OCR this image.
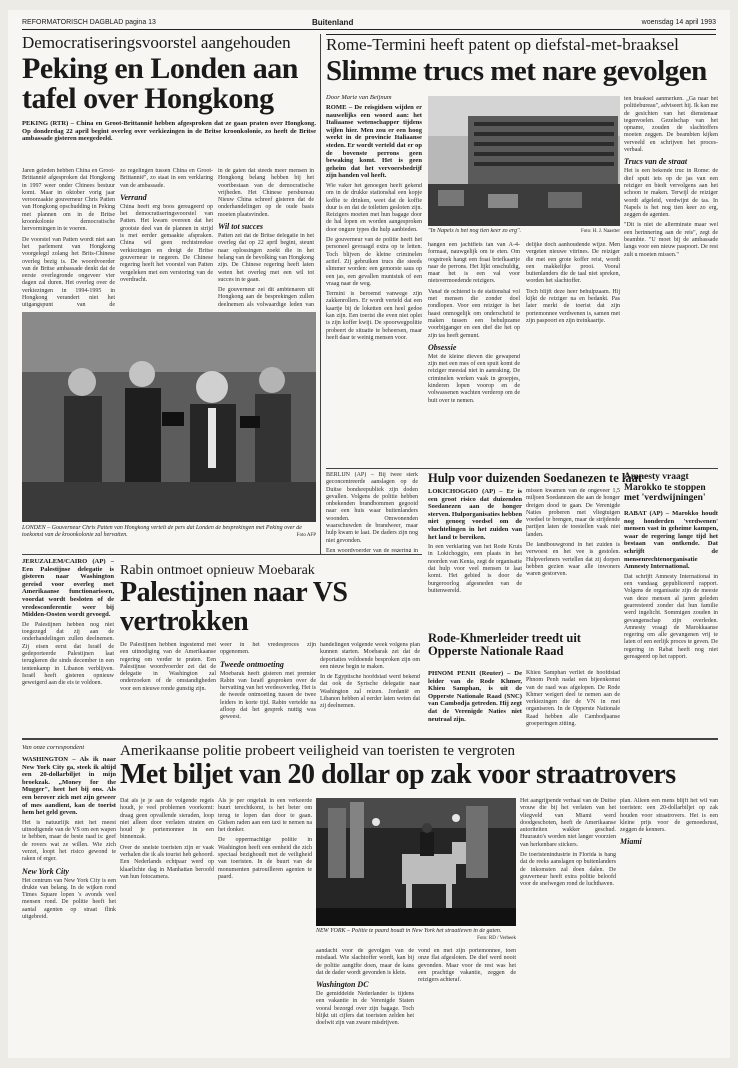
REFORMATORISCH DAGBLAD pagina 13	Buitenland	woensdag 14 april 1993
Democratiseringsvoorstel aangehouden
Peking en Londen aan tafel over Hongkong
PEKING (RTR) – China en Groot-Brittannië hebben afgesproken dat ze gaan praten over Hongkong. Op donderdag 22 april begint overleg over verkiezingen in de Britse kroonkolonie, zo heeft de Britse ambassade gisteren meegedeeld.

Jaren geleden hebben China en Groot-Brittannië afgesproken dat Hongkong in 1997 weer onder Chinees bestuur komt. Maar in oktober vorig jaar veroorzaakte gouverneur Chris Patten van Hongkong opschudding in Peking met plannen om in de Britse kroonkolonie democratische hervormingen in te voeren.

De voorstel van Patten wordt niet aan het parlement van Hongkong voorgelegd zolang het Brits-Chinese overleg bezig is. De woordvoerder van de Britse ambassade denkt dat de eerste overlegronde ongeveer vier dagen zal duren. Het overleg over de verkiezingen in 1994-1995 in Hongkong verandert niet het uitgangspunt van de

zo regelingen tussen China en Groot-Brittannië", zo staat in een verklaring van de ambassade.

Verrand

China heeft erg boos gereageerd op het democratiseringsvoorstel van Patten. Het kwam overeen dat het grootste deel van de plannen in strijd is met eerder gemaakte afspraken. China wil geen rechtstreekse verkiezingen en dreigt de Britse gouverneur te negeren. De Chinese regering heeft het voorstel van Patten vergeleken met een verstoring van de overdracht.

in de gaten dat steeds meer mensen in Hongkong belang hebben bij het voortbestaan van de democratische vrijheden. Het Chinese persbureau Nieuw China schreef gisteren dat de onderhandelingen op de oude basis moeten plaatsvinden.

Wil tot succes

Patten zei dat de Britse delegatie in het overleg dat op 22 april begint, steunt naar oplossingen zoekt die in het belang van de bevolking van Hongkong zijn. De Chinese regering heeft laten weten het overleg met een wil tot succes in te gaan.

De gouverneur zei dit ambtenaren uit Hongkong aan de besprekingen zullen deelnemen als volwaardige leden van

LONDEN – Gouverneur Chris Patten van Hongkong vertelt de pers dat Londen de besprekingen met Peking over de toekomst van de kroonkolonie zal hervatten.	Foto AFP
Rome-Termini heeft patent op diefstal-met-braaksel
Slimme trucs met nare gevolgen
Door Marie van Beijnum

ROME – De reisgidsen wijden er nauwelijks een woord aan: het Italiaanse wetenschapper tijdens wijlen hier. Men zou er een hoog werkt in de provincie Italiaanse steden. Er wordt verteld dat er op de bovenste perrons geen bewaking komt. Het is geen geheim dat het vervoersbedrijf zijn handen vol heeft.

Wie vaker het genoegen heeft gekend om in de drukke stationshal een kopje koffie te drinken, weet dat de koffie duur is en dat de toiletten gesloten zijn. Reizigers moeten met hun bagage door de hal lopen en worden aangesproken door ongure types die hulp aanbieden.

De gouverneur van de politie heeft het personeel gevraagd extra op te letten. Toch blijven de kleine criminelen actief. Zij gebruiken trucs die steeds slimmer worden: een gemorste saus op een jas, een gevallen muntstuk of een vraag naar de weg.

Termini is beroemd vanwege zijn zakkenrollers. Er wordt verteld dat een kaartje bij de loketten een heel gedoe kan zijn. Een toerist die even niet oplet is zijn koffer kwijt. De spoorwegpolitie probeert de situatie te beheersen, maar heeft daar te weinig mensen voor.

"In Napels is het nog tien keer zo erg".	Foto: H. J. Naastter

hangen een jachtfiets tan van A-4-formaat, nauwgelijk om te eten. Om oogstreek hangt een fraai briefkaartje naar de perrons. Het lijkt onschuldig, maar het is een val voor nietsvermoedende reizigers.

Vanaf de ochtend is de stationshal vol met mensen die zonder doel rondlopen. Voor een reiziger is het haast onmogelijk om onderscheid te maken tussen een behulpzame voorbijganger en een dief die het op zijn tas heeft gemunt.

Obsessie

Met de kleine dieven die gewapend zijn met een mes of een spuit komt de reiziger meestal niet in aanraking. De criminelen werken vaak in groepjes, kinderen lopen voorop en de volwassenen wachten verderop om de buit over te nemen.

delijke doch aanhoudende wijze. Men vergeten nieuwe vitrines. De reiziger die met een grote koffer reist, wordt een makkelijke prooi. Vooral buitenlanders die de taal niet spreken, worden het slachtoffer.

Toch blijft deze heer behulpzaam. Hij kijkt de reiziger na en bedankt. Pas later merkt de toerist dat zijn portemonnee verdwenen is, samen met zijn paspoort en zijn treinkaartje.

ten braaksel aanmerken. „Ga naar het politiebureau", adviseert hij. Ik kan me de gesichten van het dienstenaar tegenvoelen. Gezelschap van het opname, zouden de slachtoffers moeten zeggen. De beambten kijken verveeld en schrijven het proces-verbaal.

Trucs van de straat

Het is een bekende truc in Rome: de dief spuit iets op de jas van een reiziger en biedt vervolgens aan het schoon te maken. Terwijl de reiziger wordt afgeleid, verdwijnt de tas. In Napels is het nog tien keer zo erg, zeggen de agenten.

"Dit is niet de allerminste maar wel een herinnering aan de reis", zegt de beambte. "U moet bij de ambassade langs voor een nieuw paspoort. De rest zult u moeten missen."

BERLIJN (AP) – Bij twee sterk geconcentreerde aanslagen op de Duitse bondsrepubliek zijn doden gevallen. Volgens de politie hebben onbekenden brandbommen gegooid naar een huis waar buitenlanders woonden. Omwonenden waarschuwden de brandweer, maar hulp kwam te laat. De daders zijn nog niet gevonden.

Een woordvoerder van de regering in

Hulp voor duizenden Soedanezen te laat

LOKICHOGGIO (AP) – Er is een groot risico dat duizenden Soedanezen aan de honger sterven. Hulporganisaties hebben niet genoeg voedsel om de vluchtelingen in het zuiden van het land te bereiken.

In een verklaring van het Rode Kruis in Lokichoggio, een plaats in het noorden van Kenia, zegt de organisatie dat hulp voor veel mensen te laat komt. Het gebied is door de burgeroorlog afgesneden van de buitenwereld.

missen kwamen van de ongeveer 1,5 miljoen Soedanezen die aan de honger dreigen dood te gaan. De Verenigde Naties proberen met vliegtuigen voedsel te brengen, maar de strijdende partijen laten de toestellen vaak niet landen.

De landbouwgrond in het zuiden is verwoest en het vee is gestolen. Hulpverleners vertellen dat zij dorpen hebben gezien waar alle inwoners waren gestorven.

Amnesty vraagt Marokko te stoppen met 'verdwijningen'

RABAT (AP) – Marokko houdt nog honderden 'verdwenen' mensen vast in geheime kampen, waar de regering lange tijd het bestaan van ontkende. Dat schrijft de mensenrechtenorganisatie Amnesty International.

Dat schrijft Amnesty International in een vandaag gepubliceerd rapport. Volgens de organisatie zijn de meeste van deze mensen al jaren geleden gearresteerd zonder dat hun familie werd ingelicht. Sommigen zouden in gevangenschap zijn overleden. Amnesty vraagt de Marokkaanse regering om alle gevangenen vrij te laten of een eerlijk proces te geven. De regering in Rabat heeft nog niet gereageerd op het rapport.

Rode-Khmerleider treedt uit Opperste Nationale Raad

PHNOM PENH (Reuter) – De leider van de Rode Khmer, Khieu Samphan, is uit de Opperste Nationale Raad (SNC) van Cambodja getreden. Hij zegt dat de Verenigde Naties niet neutraal zijn.

Khieu Samphan verliet de hoofdstad Phnom Penh nadat een bijeenkomst van de raad was afgelopen. De Rode Khmer weigert deel te nemen aan de verkiezingen die de VN in mei organiseren. In de Opperste Nationale Raad hebben alle Cambodjaanse groeperingen zitting.

JERUZALEM/CAIRO (AP) – Een Palestijnse delegatie is gisteren naar Washington gereisd voor overleg met Amerikaanse functionarissen, voordat wordt besloten of de vredesconferentie weer bij Midden-Oosten wordt gevoegd.

De Palestijnen hebben nog niet toegezegd dat zij aan de onderhandelingen zullen deelnemen. Zij eisen eerst dat Israël de gedeporteerde Palestijnen laat terugkeren die sinds december in een tentenkamp in Libanon verblijven. Israël heeft gisteren opnieuw geweigerd aan die eis te voldoen.

Rabin ontmoet opnieuw Moebarak
Palestijnen naar VS vertrokken

De Palestijnen hebben ingestemd met een uitnodiging van de Amerikaanse regering om verder te praten. Een Palestijnse woordvoerder zei dat de delegatie in Washington zal onderzoeken of de omstandigheden voor een nieuwe ronde gunstig zijn.

weer in het vredesproces zijn opgenomen.

Tweede ontmoeting

Moebarak heeft gisteren met premier Rabin van Israël gesproken over de hervatting van het vredesoverleg. Het is de tweede ontmoeting tussen de twee leiders in korte tijd. Rabin vertelde na afloop dat het gesprek nuttig was geweest.

handelingen volgende week volgens plan kunnen starten. Moebarak zei dat de deportaties voldoende besproken zijn om een nieuw begin te maken.

In de Egyptische hoofdstad werd bekend dat ook de Syrische delegatie naar Washington zal reizen. Jordanië en Libanon hebben al eerder laten weten dat zij deelnemen.

Van onze correspondent	Amerikaanse politie probeert veiligheid van toeristen te vergroten
Met biljet van 20 dollar op zak voor straatrovers

WASHINGTON – Als ik naar New York City ga, steek ik altijd een 20-dollarbiljet in mijn broekzak. „Money for the Mugger", heet het bij ons. Als een berover zich met zijn geweer of mes aandient, kan de toerist hem het geld geven.

Het is natuurlijk niet het meest uitnodigende van de VS om een wapen te hebben, maar de beste raad is: geef de rovers wat ze willen. Wie zich verzet, loopt het risico gewond te raken of erger.

New York City

Het centrum van New York City is een drukte van belang. In de wijken rond Times Square lopen 's avonds veel mensen rond. De politie heeft het aantal agenten op straat flink uitgebreid.

Dat als je je aan de volgende regels houdt, je veel problemen voorkomt: draag geen opvallende sieraden, loop niet alleen door verlaten straten en houd je portemonnee in een binnenzak.

Over de snelste toeristen zijn er vaak verhalen die ik als tourist heb gehoord. Een Nederlands echtpaar werd op klaarlichte dag in Manhattan beroofd van hun fotocamera.

Als je per ongeluk in een verkeerde buurt terechtkomt, is het beter om terug te lopen dan door te gaan. Gidsen raden aan een taxi te nemen na het donker.

De oppermachtige politie in Washington heeft een eenheid die zich speciaal bezighoudt met de veiligheid van toeristen. In de buurt van de monumenten patrouilleren agenten te paard.

NEW YORK – Politie te paard houdt in New York het straatleven in de gaten.
Foto: RD / Verbeek

aandacht voor de gevolgen van de misdaad. Wie slachtoffer wordt, kan bij de politie aangifte doen, maar de kans dat de dader wordt gevonden is klein.

Washington DC

De gemiddelde Nederlander is tijdens een vakantie in de Verenigde Staten vooral bezorgd over zijn bagage. Toch blijkt uit cijfers dat toeristen zelden het doelwit zijn van zware misdrijven.

vond en met zijn portemonnee, toen onze flat afgesloten. De dief werd nooit gevonden. Maar voor de rest was het een prachtige vakantie, zeggen de reizigers achteraf.

Het aangrijpende verhaal van de Duitse vrouw die bij het verlaten van het vliegveld van Miami werd doodgeschoten, heeft de Amerikaanse autoriteiten wakker geschud. Huurauto's worden niet langer voorzien van herkenbare stickers.

De toeristenindustrie in Florida is bang dat de reeks aanslagen op buitenlanders de inkomsten zal doen dalen. De gouverneur heeft extra politie beloofd voor de snelwegen rond de luchthaven.

plan. Alleen een mens blijft het wil van toeristen: een 20-dollarbiljet op zak houden voor straatrovers. Het is een kleine prijs voor de gemoedsrust, zeggen de kenners.

Miami
